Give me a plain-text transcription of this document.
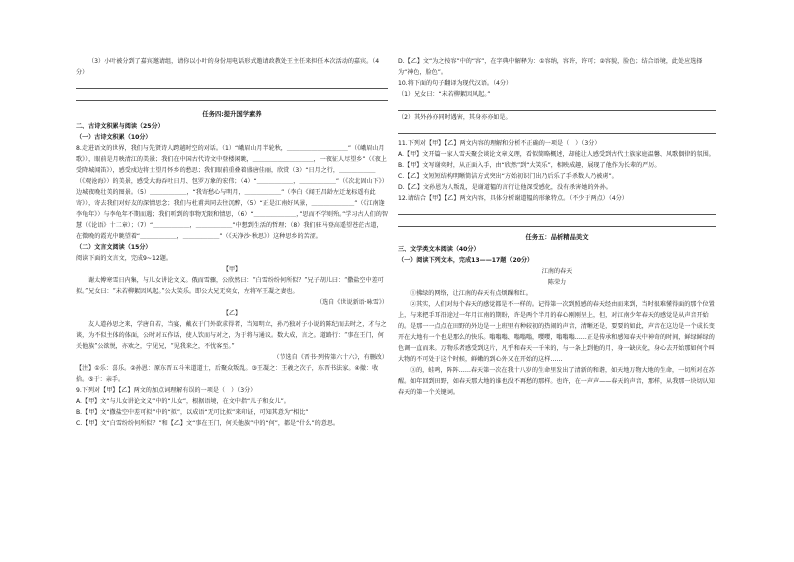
（3）小叶被分到了嘉宾邀请组，请你以小叶的身份用电话形式邀请政教处王主任来担任本次活动的嘉宾。（4分）

任务四:提升国学素养

二、古诗文积累与阅读（25分）

（一）古诗文积累（10分）

8.走进语文的世界，我们与先贤诗人跨越时空的对话。（1）“峨眉山月半轮秋，＿＿＿＿＿＿＿＿＿＿”（《峨眉山月歌》），眼前是月映清江的美景；我们在中国古代诗文中登楼闲眺，＿＿＿＿＿＿＿＿＿＿，一夜征人尽望乡”（《夜上受降城闻笛》），感受戍边将士望月怀乡的愁思；我们眼前重叠着盛唐佳丽，欣赏（3）“日月之行，＿＿＿＿＿＿（《观沧海》）的美景，感受大海吞吐日月、包罗万象的宏伟；（4）“＿＿＿＿＿＿，＿＿＿＿＿＿”（《次北固山下》）边城夜晚壮美的图景。（5）＿＿＿＿＿＿，“我寄愁心与明月，＿＿＿＿＿＿”（李白《闻王昌龄左迁龙标遥有此寄》），寄去我们对好友的深情思念；我们与杜甫共同去往沉醉，（5）“正是江南好风景，＿＿＿＿＿＿＿”（《江南逢李龟年》）与李龟年不期而遇；我们听到的事物无限和情思，（6）“＿＿＿＿＿＿＿，”思而不学则殆。”学习古人们的智慧（《论语》十二章）；（7）“＿＿＿＿＿＿，＿＿＿＿＿＿”中想到生活的哲理；（8）我们驻马登高遥望苍茫古道，在微晚的霞光中眺望着“＿＿＿＿＿＿，＿＿＿＿＿＿”（《天净沙·秋思》）这种思乡的苦涩。

（二）文言文阅读（15分）

阅读下面的文言文，完成9~12题。

【甲】

谢太傅寒雪日内集，与儿女讲论文义。俄而雪骤，公欣然曰：“白雪纷纷何所似？”兄子胡儿曰：“撒盐空中差可拟。”兄女曰：“未若柳絮因风起。”公大笑乐。即公大兄无奕女，左将军王凝之妻也。

（选自《世说新语·咏雪》）

【乙】

友人道孙思之来，学唐自若，当宴，戴衣于门外欲求得者，当知明立，孙乃独对子小说的陈纪而去时之，才与之谈，为不似主体的体面，公时对五作话，使人饮而与对之，为于将与通议。数大成，言之。道路行：“事在王门，何关他族”公欲悦，亦欢之，宁见兄，“见我来之，不忧客至。”

（节选自《晋书·列传第六十六》，有删改）

【注】①乐：喜乐。②孙恩：原东晋五斗米道道士，后聚众叛乱。③王凝之：王羲之次子，东晋书法家。④撤：收拾。⑤于：亲手。

9.下列对【甲】【乙】两文的加点词理解有误的一项是（　）（3分）

A.【甲】文“与儿女讲论文义”中的“儿女”，根据语境，在文中指“儿子和女儿”。

B.【甲】文“撒盐空中差可拟”中的“拟”，以成语“无可比拟”来印证，可知其意为“相比”

C.【甲】文“白雪纷纷何所似？”和【乙】文“事在王门，何关他族”中的“何”，都是“什么”的意思。

D.【乙】文“为之按容”中的“容”，在字典中解释为：①容纳，容许，许可；②容貌，脸色；结合语境，此处应选择为“神色，脸色”。

10.将下面的句子翻译为现代汉语。（4分）

（1）兄女曰：“未若柳絮因风起。”

（2）其外孙亦同时遇害，其身亦亦如是。

11.下列对【甲】【乙】两文内容的理解和分析不正确的一项是（　）（3分）

A.【甲】文开篇一家人雪天聚会谈论文章义理，看似简略概述，却能让人感受到古代士族家庭温馨、风歌偶律的氛围。

B.【甲】文写谢奕时，从正面入手，由“欣然”到“大笑乐”，相映成趣，展现了他作为长辈的严厉。

C.【乙】文短短结构明晰简洁方式突出“方始初识门出乃后乐了手杀数人乃被虏”。

D.【乙】文孙恩为人叛乱，是谢道韫的言行让他深受感化，没有杀害她的外孙。

12.请结合【甲】【乙】两文内容，具体分析谢道韫的形象特点。（不少于两点）（4分）

任务五：品析精品美文

三、文学类文本阅读（40分）

（一）阅读下列文本，完成13——17题（20分）

江南的春天

陈荣力

①拂绿的网络，让江南的春天有点烦躁和红。

②其实，人们对每个春天的感觉都是不一样的。记得第一次到照感的春天经由而来到，当时很难懂得面的那个位置上，与来把手耳沿途过一年月江南的期盼，许是两个半月的春心刚刚呈上，但，对江南少年春天的感觉是从声音开始的。是那一一点点在田野的外边是一上班里有种较初的热闹的声音，清晰还是，要要的如此，声音在这边是一个成长变开在大地有一个也是那么的快乐。嗡嗡嗡、嗡嗡嗡，嘤嘤，嗡嗡嗡……正是传承和感知春天中神奇的时间，鲜绿鲜绿的色调一直而来。万物乐者感受到这片，凡乎和春天一千米的，与一条上到他的月，身一缺庆化，身心去开始那如何个叫大物的不可处于这个时候，鲜嫩的到心外又在开始的这样……

③的，蛙鸣，阵阵……春天第一次在我十八岁的生命里发出了清新的和谐，如天地万物大地的生命，一切所对在苏醒。如年回到田野，如春天那大地的谁也没不再愁的那样。也许，在一声声——春天的声音，那样，从我那一块切认知春天的第一个关键词。
